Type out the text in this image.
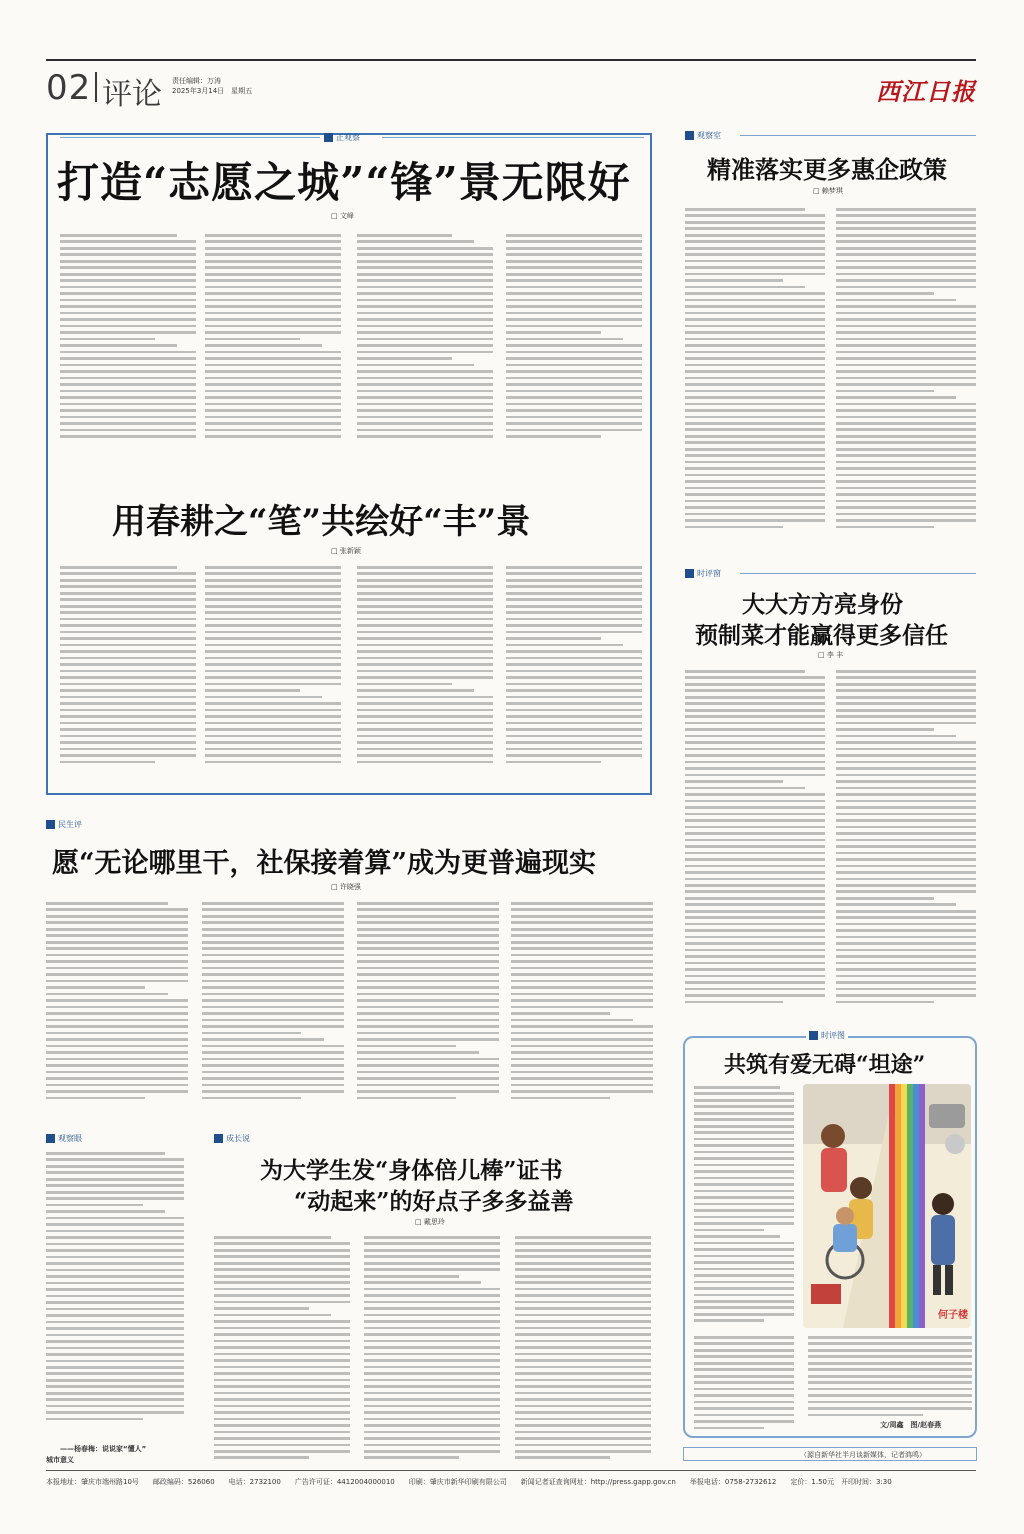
02 评论 责任编辑：万涛
2025年3月14日　星期五	西江日报
正观察
打造“志愿之城”“锋”景无限好
□ 文峰
用春耕之“笔”共绘好“丰”景
□ 张新颖
观察室
精准落实更多惠企政策
□ 赖梦琪
时评窗
大大方方亮身份
预制菜才能赢得更多信任
□ 李 丰
民生评
愿“无论哪里干，社保接着算”成为更普遍现实
□ 许晓强
观察眼
——杨春梅：说说家“懂人”
城市意义
成长说
为大学生发“身体倍儿棒”证书
“动起来”的好点子多多益善
□ 戴思玲
时评图
共筑有爱无碍“坦途”
何子楼
文/周鑫　图/赵春燕
（源自新华社半月谈新媒体，记者鸿鸣）
本报地址：肇庆市端州路10号 邮政编码：526060 电话：2732100 广告许可证：4412004000010 印刷：肇庆市新华印刷有限公司 新闻记者证查询网址：http://press.gapp.gov.cn 举报电话：0758-2732612 定价：1.50元　开印时间：3:30
